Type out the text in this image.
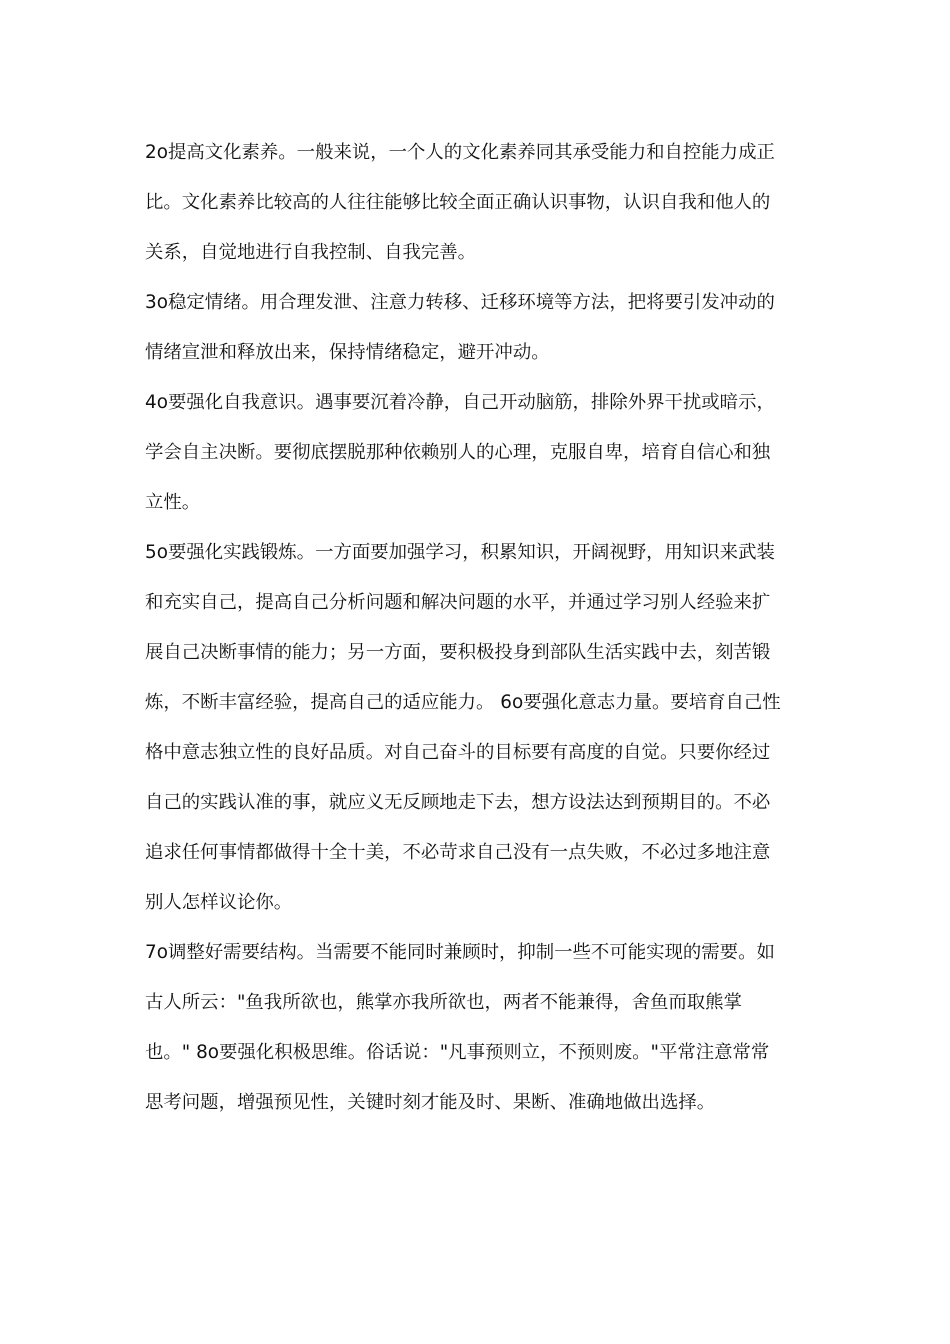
2o提高文化素养。一般来说，一个人的文化素养同其承受能力和自控能力成正
比。文化素养比较高的人往往能够比较全面正确认识事物，认识自我和他人的
关系，自觉地进行自我控制、自我完善。
3o稳定情绪。用合理发泄、注意力转移、迁移环境等方法，把将要引发冲动的
情绪宣泄和释放出来，保持情绪稳定，避开冲动。
4o要强化自我意识。遇事要沉着冷静，自己开动脑筋，排除外界干扰或暗示，
学会自主决断。要彻底摆脱那种依赖别人的心理，克服自卑，培育自信心和独
立性。
5o要强化实践锻炼。一方面要加强学习，积累知识，开阔视野，用知识来武装
和充实自己，提高自己分析问题和解决问题的水平，并通过学习别人经验来扩
展自己决断事情的能力；另一方面，要积极投身到部队生活实践中去，刻苦锻
炼，不断丰富经验，提高自己的适应能力。 6o要强化意志力量。要培育自己性
格中意志独立性的良好品质。对自己奋斗的目标要有高度的自觉。只要你经过
自己的实践认准的事，就应义无反顾地走下去，想方设法达到预期目的。不必
追求任何事情都做得十全十美，不必苛求自己没有一点失败，不必过多地注意
别人怎样议论你。
7o调整好需要结构。当需要不能同时兼顾时，抑制一些不可能实现的需要。如
古人所云："鱼我所欲也，熊掌亦我所欲也，两者不能兼得，舍鱼而取熊掌
也。" 8o要强化积极思维。俗话说："凡事预则立，不预则废。"平常注意常常
思考问题，增强预见性，关键时刻才能及时、果断、准确地做出选择。
